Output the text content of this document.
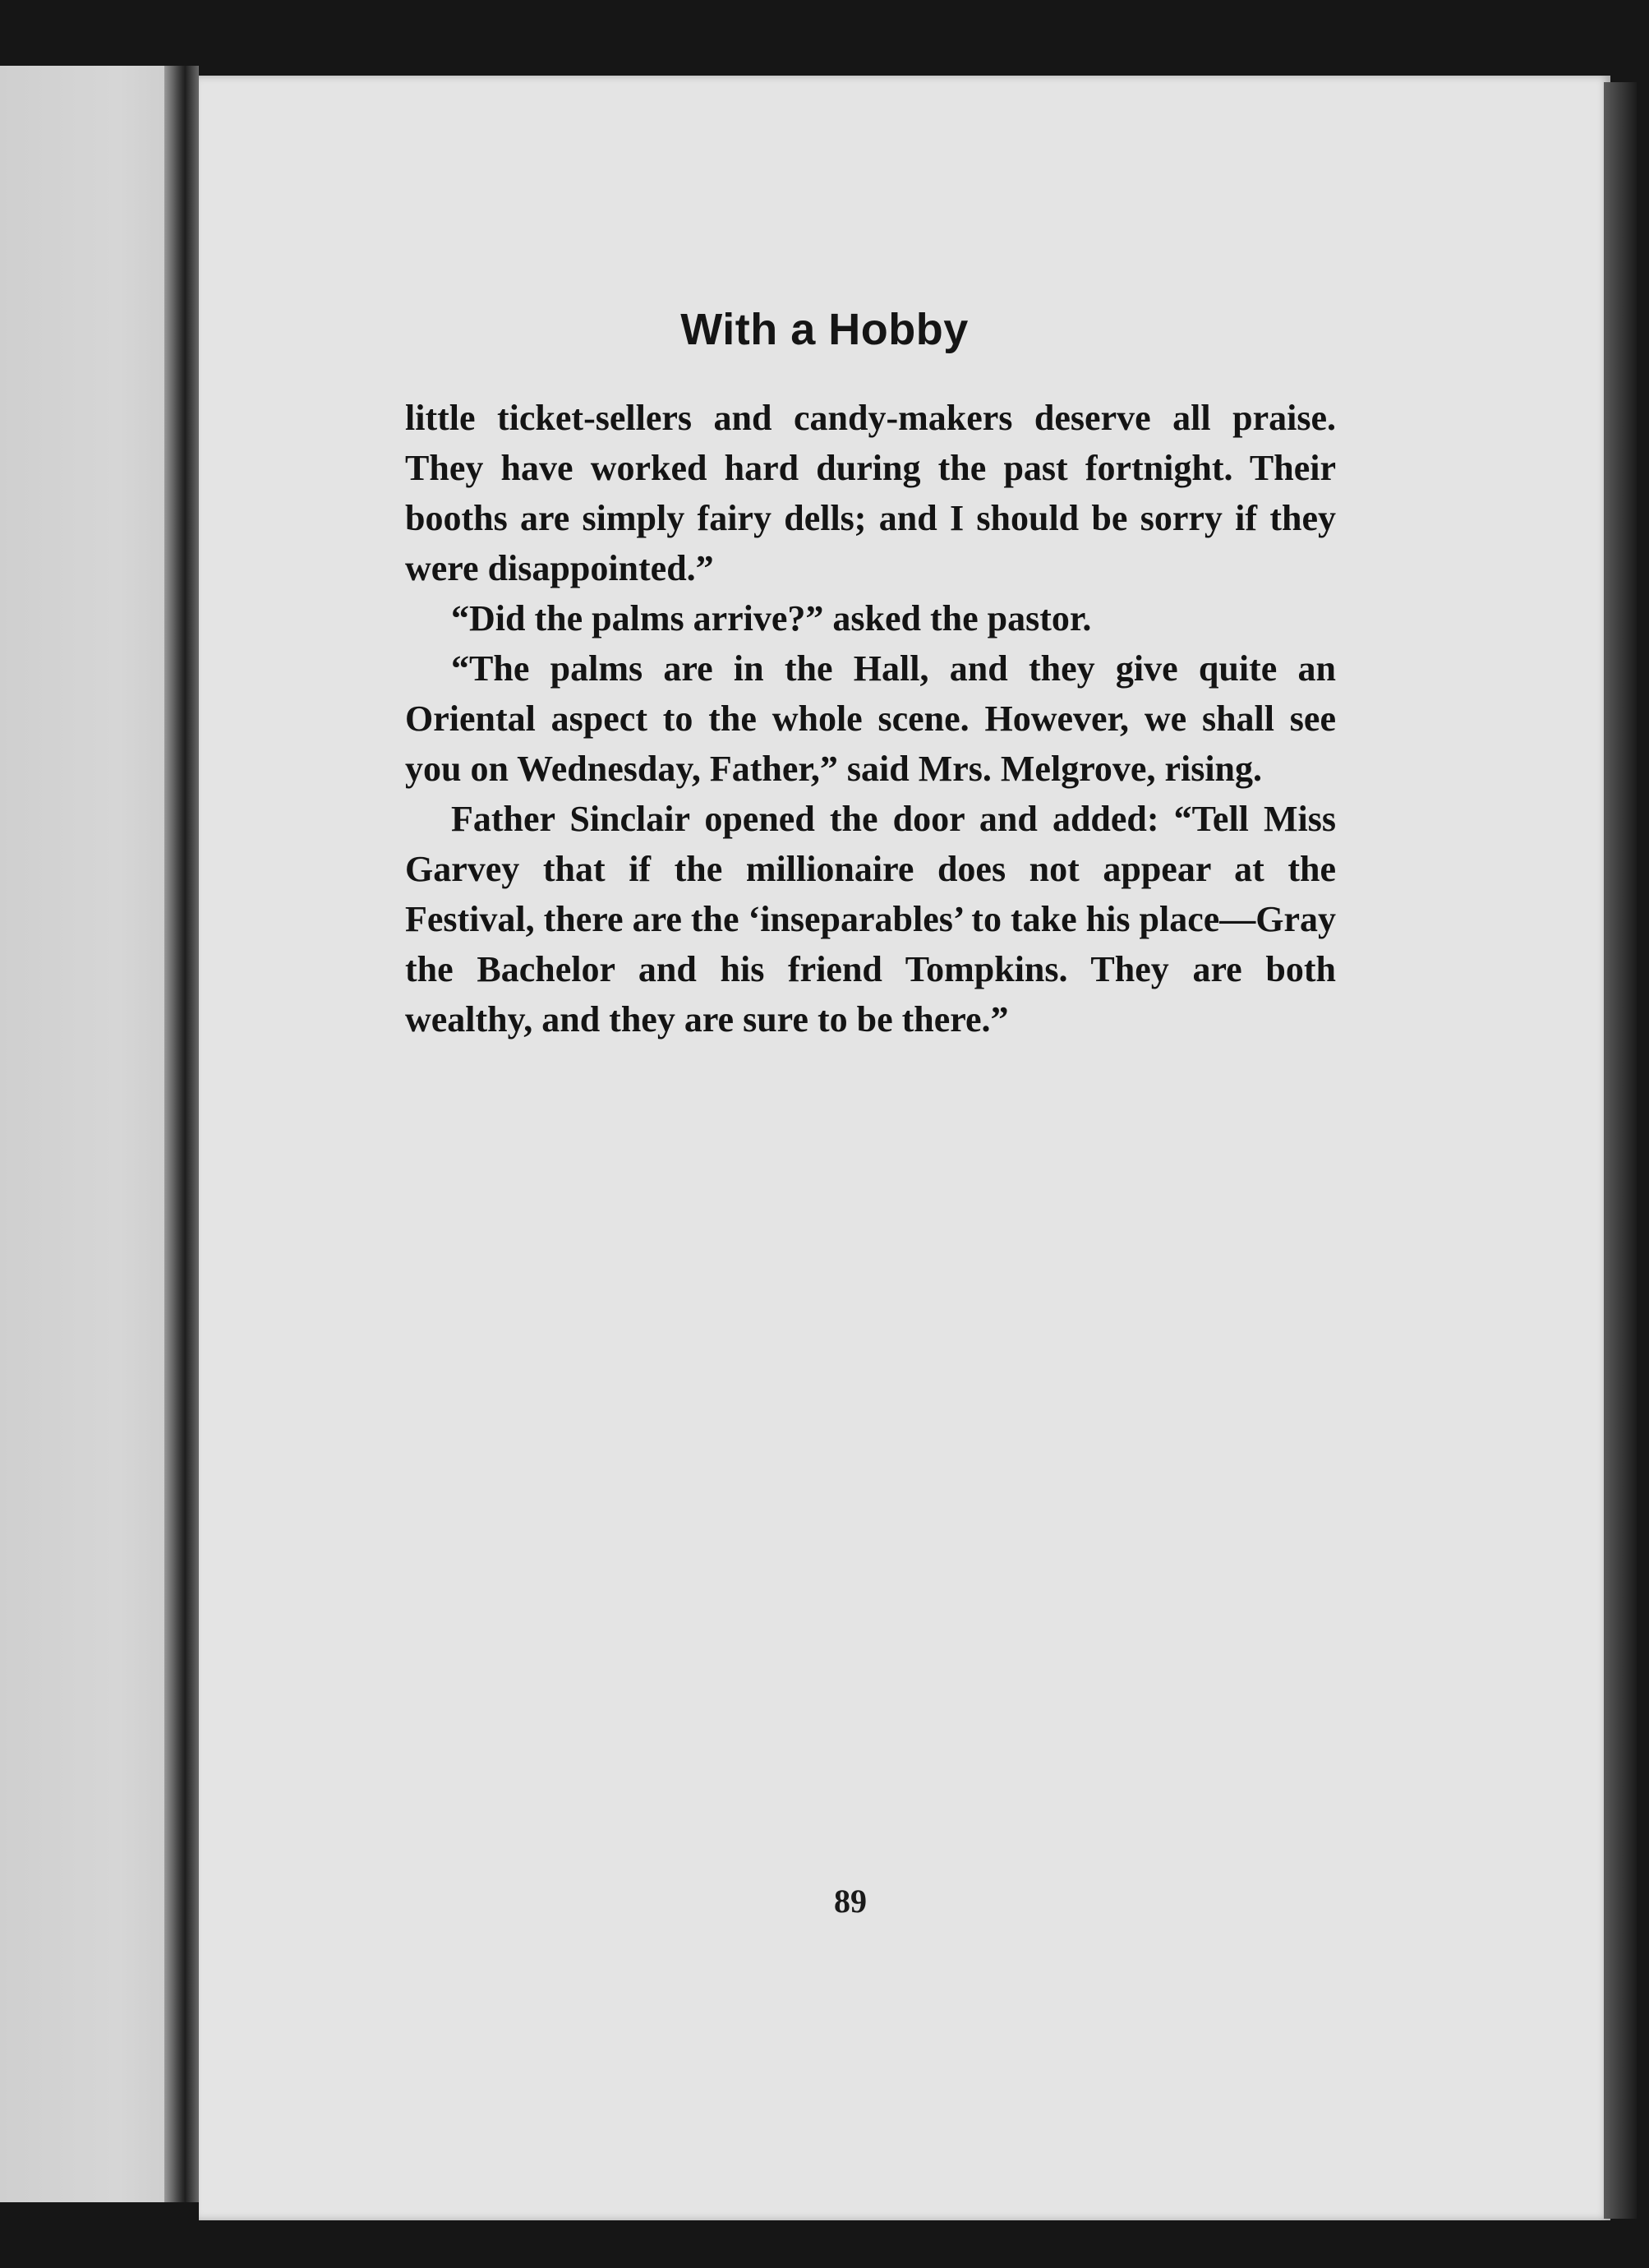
With a Hobby

little ticket-sellers and candy-makers deserve all praise. They have worked hard during the past fortnight. Their booths are simply fairy dells; and I should be sorry if they were disappointed.”

“Did the palms arrive?” asked the pastor.

“The palms are in the Hall, and they give quite an Oriental aspect to the whole scene. However, we shall see you on Wednesday, Father,” said Mrs. Melgrove, rising.

Father Sinclair opened the door and added: “Tell Miss Garvey that if the millionaire does not appear at the Festival, there are the ‘inseparables’ to take his place—Gray the Bachelor and his friend Tompkins. They are both wealthy, and they are sure to be there.”

89
